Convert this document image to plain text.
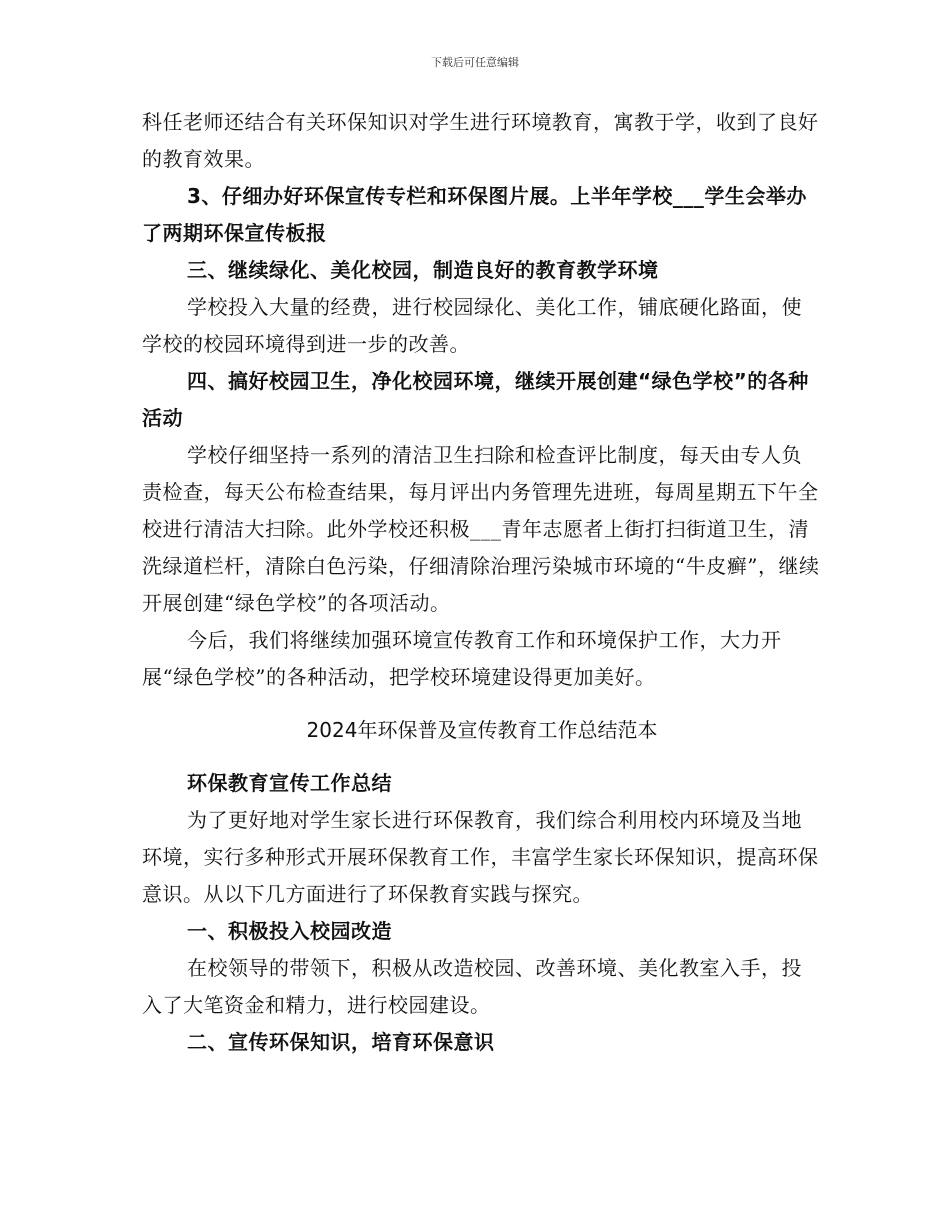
下载后可任意编辑

科任老师还结合有关环保知识对学生进行环境教育，寓教于学，收到了良好的教育效果。

3、仔细办好环保宣传专栏和环保图片展。上半年学校___学生会举办了两期环保宣传板报

三、继续绿化、美化校园，制造良好的教育教学环境

学校投入大量的经费，进行校园绿化、美化工作，铺底硬化路面，使学校的校园环境得到进一步的改善。

四、搞好校园卫生，净化校园环境，继续开展创建“绿色学校”的各种活动

学校仔细坚持一系列的清洁卫生扫除和检查评比制度，每天由专人负责检查，每天公布检查结果，每月评出内务管理先进班，每周星期五下午全校进行清洁大扫除。此外学校还积极___青年志愿者上街打扫街道卫生，清洗绿道栏杆，清除白色污染，仔细清除治理污染城市环境的“牛皮癣”，继续开展创建“绿色学校”的各项活动。

今后，我们将继续加强环境宣传教育工作和环境保护工作，大力开展“绿色学校”的各种活动，把学校环境建设得更加美好。

2024年环保普及宣传教育工作总结范本

环保教育宣传工作总结

为了更好地对学生家长进行环保教育，我们综合利用校内环境及当地环境，实行多种形式开展环保教育工作，丰富学生家长环保知识，提高环保意识。从以下几方面进行了环保教育实践与探究。

一、积极投入校园改造

在校领导的带领下，积极从改造校园、改善环境、美化教室入手，投入了大笔资金和精力，进行校园建设。

二、宣传环保知识，培育环保意识
